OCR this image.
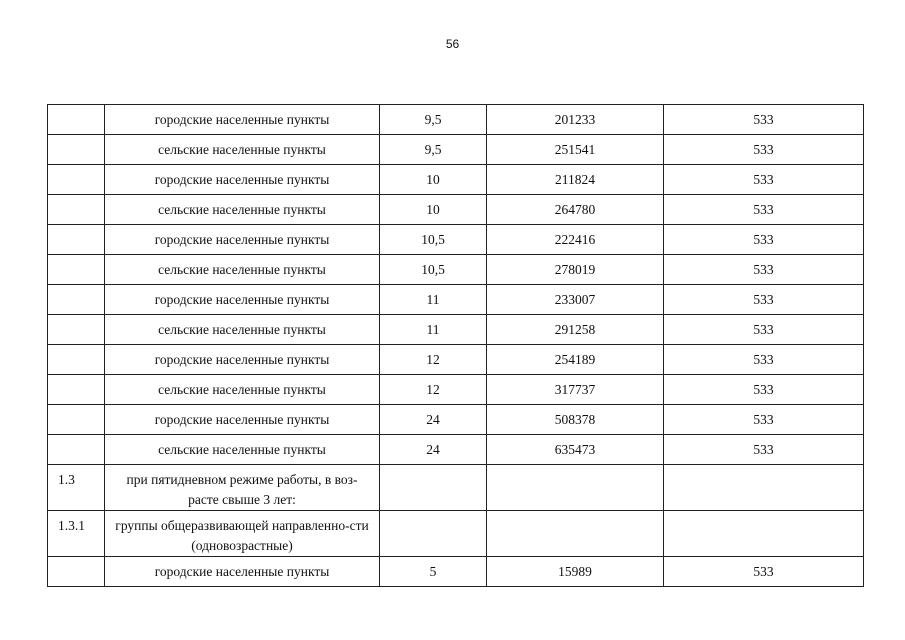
56
	городские населенные пункты	9,5	201233	533
	сельские населенные пункты	9,5	251541	533
	городские населенные пункты	10	211824	533
	сельские населенные пункты	10	264780	533
	городские населенные пункты	10,5	222416	533
	сельские населенные пункты	10,5	278019	533
	городские населенные пункты	11	233007	533
	сельские населенные пункты	11	291258	533
	городские населенные пункты	12	254189	533
	сельские населенные пункты	12	317737	533
	городские населенные пункты	24	508378	533
	сельские населенные пункты	24	635473	533
1.3	при пятидневном режиме работы, в воз-расте свыше 3 лет:			
1.3.1	группы общеразвивающей направленно-сти (одновозрастные)			
	городские населенные пункты	5	15989	533
